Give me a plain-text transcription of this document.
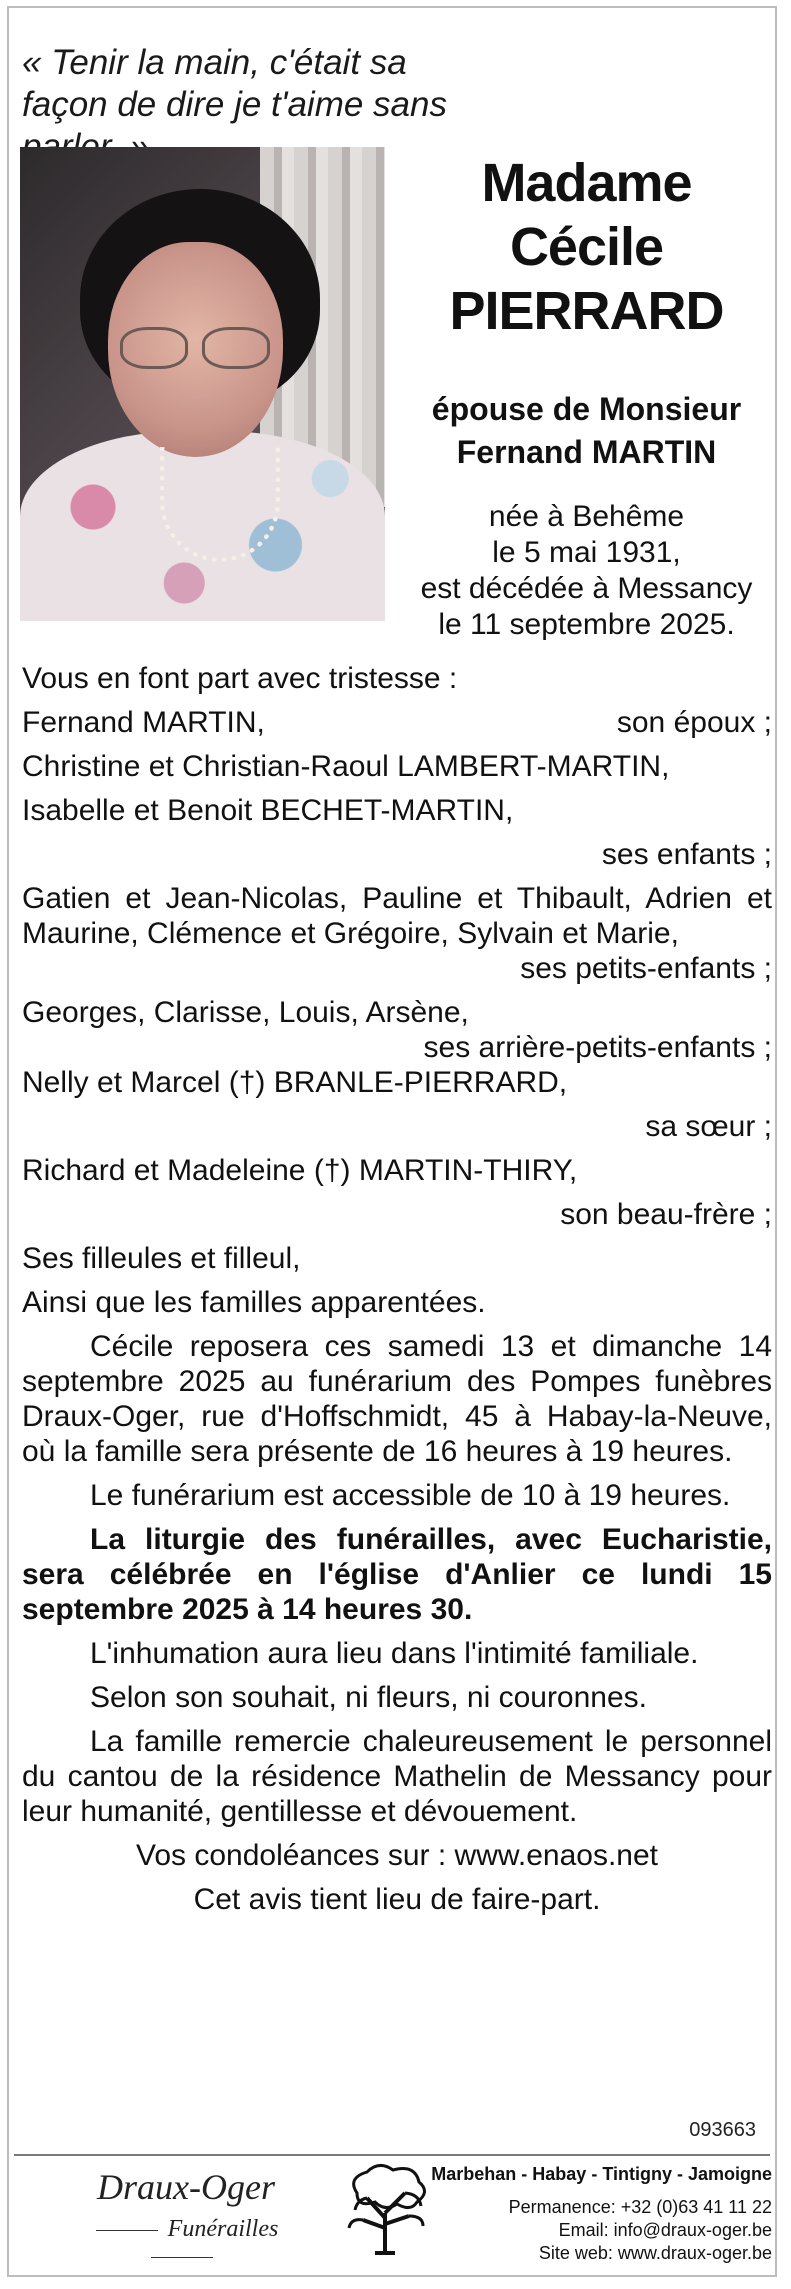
« Tenir la main, c'était sa façon de dire je t'aime sans
Madame
Cécile
PIERRARD
épouse de Monsieur
Fernand MARTIN
née à Behême
le 5 mai 1931,
est décédée à Messancy
le 11 septembre 2025.
Vous en font part avec tristesse :
Fernand MARTIN,	son époux ;
Christine et Christian-Raoul LAMBERT-MARTIN,
Isabelle et Benoit BECHET-MARTIN,
ses enfants ;
Gatien et Jean-Nicolas, Pauline et Thibault, Adrien et Maurine, Clémence et Grégoire, Sylvain et Marie,
ses petits-enfants ;
Georges, Clarisse, Louis, Arsène,
ses arrière-petits-enfants ;
Nelly et Marcel (†) BRANLE-PIERRARD,
sa sœur ;
Richard et Madeleine (†) MARTIN-THIRY,
son beau-frère ;
Ses filleules et filleul,
Ainsi que les familles apparentées.
Cécile reposera ces samedi 13 et dimanche 14 septembre 2025 au funérarium des Pompes funèbres Draux-Oger, rue d'Hoffschmidt, 45 à Habay-la-Neuve, où la famille sera présente de 16 heures à 19 heures.
Le funérarium est accessible de 10 à 19 heures.
La liturgie des funérailles, avec Eucharistie, sera célébrée en l'église d'Anlier ce lundi 15 septembre 2025 à 14 heures 30.
L'inhumation aura lieu dans l'intimité familiale.
Selon son souhait, ni fleurs, ni couronnes.
La famille remercie chaleureusement le personnel du cantou de la résidence Mathelin de Messancy pour leur humanité, gentillesse et dévouement.
Vos condoléances sur : www.enaos.net
Cet avis tient lieu de faire-part.
093663
Draux-Oger
Funérailles
Marbehan - Habay - Tintigny - Jamoigne
Permanence: +32 (0)63 41 11 22
Email: info@draux-oger.be
Site web: www.draux-oger.be
